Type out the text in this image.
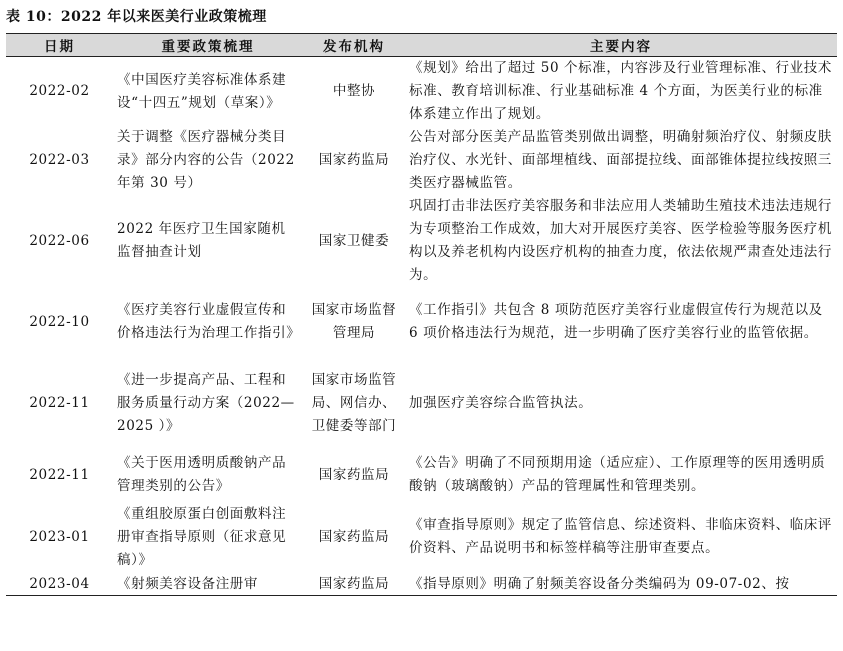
表 10：2022 年以来医美行业政策梳理
日期	重要政策梳理	发布机构	主要内容
2022-02	《中国医疗美容标准体系建设“十四五”规划（草案）》	中整协	《规划》给出了超过 50 个标准，内容涉及行业管理标准、行业技术标准、教育培训标准、行业基础标准 4 个方面，为医美行业的标准体系建立作出了规划。
2022-03	关于调整《医疗器械分类目录》部分内容的公告（2022 年第 30 号）	国家药监局	公告对部分医美产品监管类别做出调整，明确射频治疗仪、射频皮肤治疗仪、水光针、面部埋植线、面部提拉线、面部锥体提拉线按照三类医疗器械监管。
2022-06	2022 年医疗卫生国家随机监督抽查计划	国家卫健委	巩固打击非法医疗美容服务和非法应用人类辅助生殖技术违法违规行为专项整治工作成效，加大对开展医疗美容、医学检验等服务医疗机构以及养老机构内设医疗机构的抽查力度，依法依规严肃查处违法行为。
2022-10	《医疗美容行业虚假宣传和价格违法行为治理工作指引》	国家市场监督管理局	《工作指引》共包含 8 项防范医疗美容行业虚假宣传行为规范以及 6 项价格违法行为规范，进一步明确了医疗美容行业的监管依据。
2022-11	《进一步提高产品、工程和服务质量行动方案（2022—2025 ）》	国家市场监管局、网信办、卫健委等部门	加强医疗美容综合监管执法。
2022-11	《关于医用透明质酸钠产品管理类别的公告》	国家药监局	《公告》明确了不同预期用途（适应症）、工作原理等的医用透明质酸钠（玻璃酸钠）产品的管理属性和管理类别。
2023-01	《重组胶原蛋白创面敷料注册审查指导原则（征求意见稿）》	国家药监局	《审查指导原则》规定了监管信息、综述资料、非临床资料、临床评价资料、产品说明书和标签样稿等注册审查要点。
2023-04	《射频美容设备注册审	国家药监局	《指导原则》明确了射频美容设备分类编码为 09-07-02、按
